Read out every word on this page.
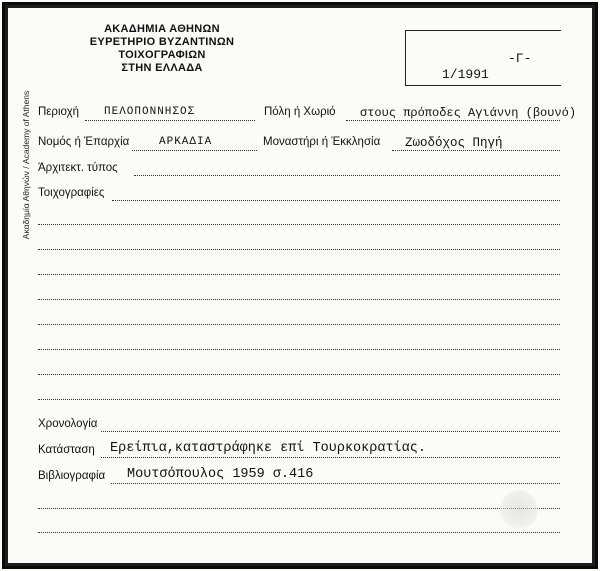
Ακαδημία Αθηνών / Academy of Athens
ΑΚΑΔΗΜΙΑ ΑΘΗΝΩΝ
ΕΥΡΕΤΗΡΙΟ ΒΥΖΑΝΤΙΝΩΝ ΤΟΙΧΟΓΡΑΦΙΩΝ
ΣΤΗΝ ΕΛΛΑΔΑ
-Γ-
1/1991
Περιοχή ΠΕΛΟΠΟΝΝΗΣΟΣ	Πόλη ή Χωριό στους πρόποδες Αγιάννη (βουνό)
Νομός ή Έπαρχία	ΑΡΚΑΔΙΑ	Μοναστήρι ή Έκκλησία Ζωοδόχος Πηγή
Άρχιτεκτ. τύπος
Τοιχογραφίες
Χρονολογία
Κατάσταση Ερείπια,καταστράφηκε επί Τουρκοκρατίας.
Βιβλιογραφία Μουτσόπουλος 1959 σ.416
